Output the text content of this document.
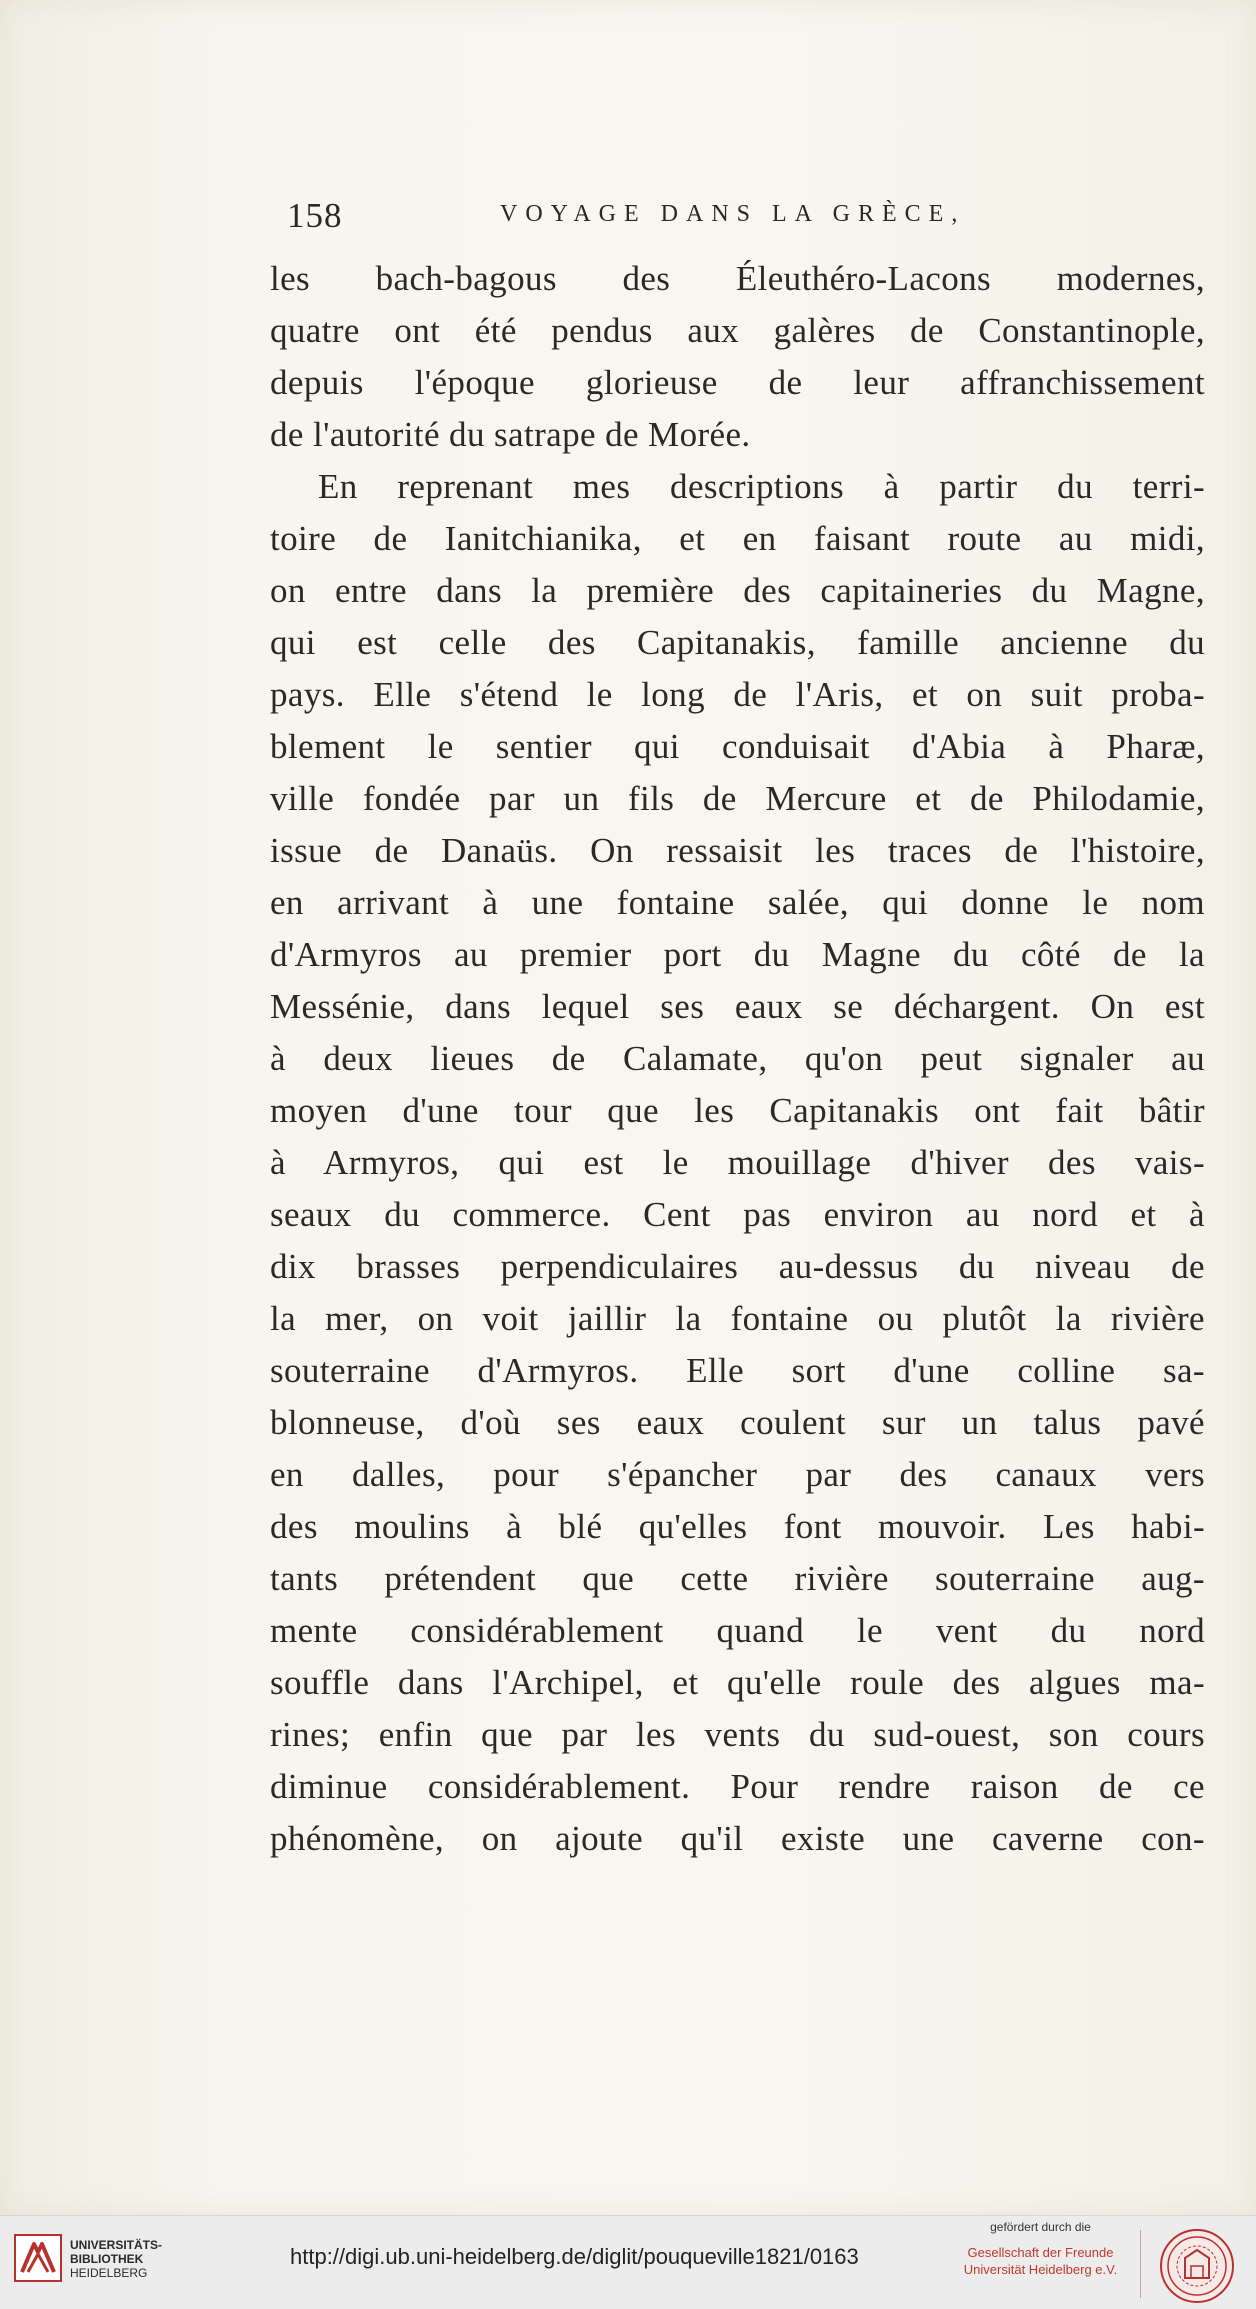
158	VOYAGE DANS LA GRÈCE,
les bach-bagous des Éleuthéro-Lacons modernes,
quatre ont été pendus aux galères de Constantinople,
depuis l'époque glorieuse de leur affranchissement
de l'autorité du satrape de Morée.
En reprenant mes descriptions à partir du terri-
toire de Ianitchianika, et en faisant route au midi,
on entre dans la première des capitaineries du Magne,
qui est celle des Capitanakis, famille ancienne du
pays. Elle s'étend le long de l'Aris, et on suit proba-
blement le sentier qui conduisait d'Abia à Pharæ,
ville fondée par un fils de Mercure et de Philodamie,
issue de Danaüs. On ressaisit les traces de l'histoire,
en arrivant à une fontaine salée, qui donne le nom
d'Armyros au premier port du Magne du côté de la
Messénie, dans lequel ses eaux se déchargent. On est
à deux lieues de Calamate, qu'on peut signaler au
moyen d'une tour que les Capitanakis ont fait bâtir
à Armyros, qui est le mouillage d'hiver des vais-
seaux du commerce. Cent pas environ au nord et à
dix brasses perpendiculaires au-dessus du niveau de
la mer, on voit jaillir la fontaine ou plutôt la rivière
souterraine d'Armyros. Elle sort d'une colline sa-
blonneuse, d'où ses eaux coulent sur un talus pavé
en dalles, pour s'épancher par des canaux vers
des moulins à blé qu'elles font mouvoir. Les habi-
tants prétendent que cette rivière souterraine aug-
mente considérablement quand le vent du nord
souffle dans l'Archipel, et qu'elle roule des algues ma-
rines; enfin que par les vents du sud-ouest, son cours
diminue considérablement. Pour rendre raison de ce
phénomène, on ajoute qu'il existe une caverne con-
UNIVERSITÄTS-
BIBLIOTHEK
HEIDELBERG
http://digi.ub.uni-heidelberg.de/diglit/pouqueville1821/0163
gefördert durch die
Gesellschaft der Freunde
Universität Heidelberg e.V.
